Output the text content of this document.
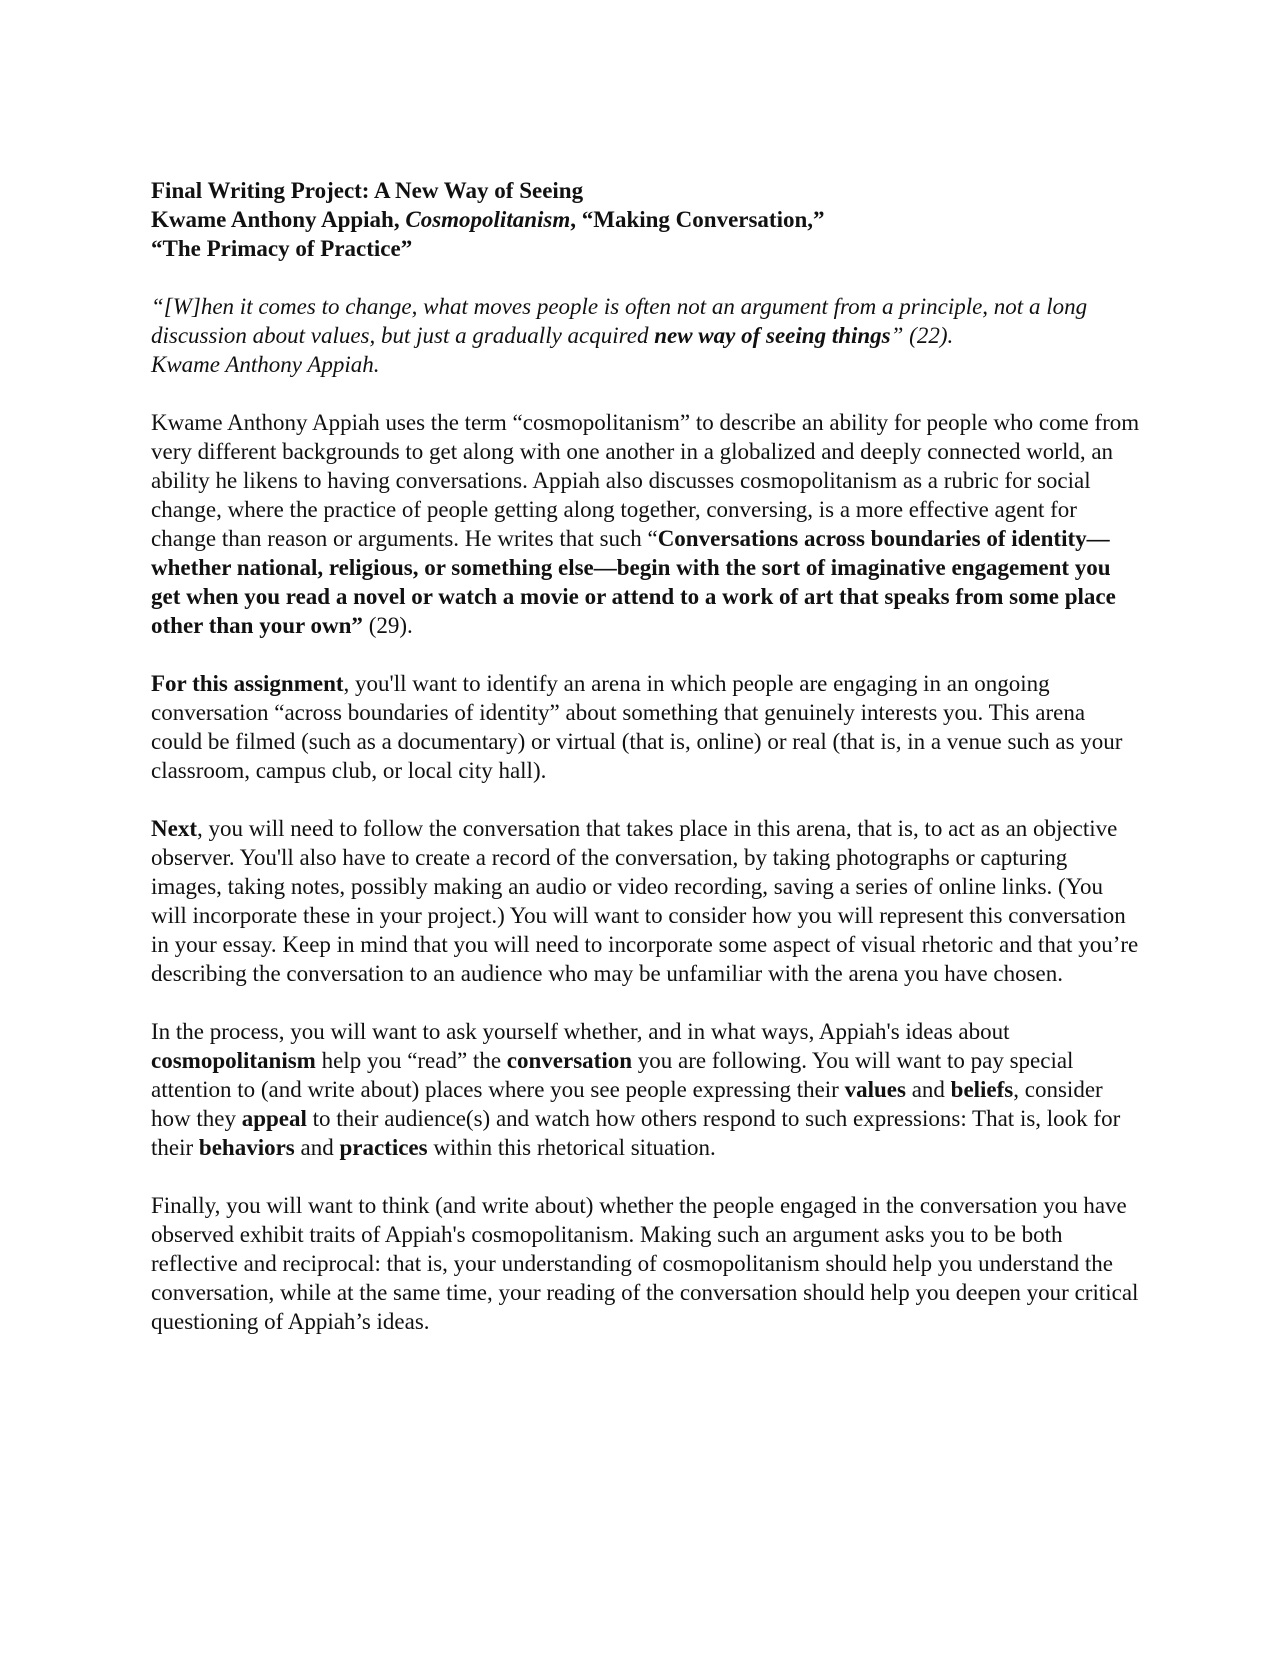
Final Writing Project: A New Way of Seeing
Kwame Anthony Appiah, Cosmopolitanism, “Making Conversation,”
“The Primacy of Practice”

“[W]hen it comes to change, what moves people is often not an argument from a principle, not a long discussion about values, but just a gradually acquired new way of seeing things” (22).
Kwame Anthony Appiah.

Kwame Anthony Appiah uses the term “cosmopolitanism” to describe an ability for people who come from very different backgrounds to get along with one another in a globalized and deeply connected world, an ability he likens to having conversations. Appiah also discusses cosmopolitanism as a rubric for social change, where the practice of people getting along together, conversing, is a more effective agent for change than reason or arguments. He writes that such “Conversations across boundaries of identity—whether national, religious, or something else—begin with the sort of imaginative engagement you get when you read a novel or watch a movie or attend to a work of art that speaks from some place other than your own” (29).

For this assignment, you'll want to identify an arena in which people are engaging in an ongoing conversation “across boundaries of identity” about something that genuinely interests you. This arena could be filmed (such as a documentary) or virtual (that is, online) or real (that is, in a venue such as your classroom, campus club, or local city hall).

Next, you will need to follow the conversation that takes place in this arena, that is, to act as an objective observer. You'll also have to create a record of the conversation, by taking photographs or capturing images, taking notes, possibly making an audio or video recording, saving a series of online links. (You will incorporate these in your project.) You will want to consider how you will represent this conversation in your essay. Keep in mind that you will need to incorporate some aspect of visual rhetoric and that you’re describing the conversation to an audience who may be unfamiliar with the arena you have chosen.

In the process, you will want to ask yourself whether, and in what ways, Appiah's ideas about cosmopolitanism help you “read” the conversation you are following. You will want to pay special attention to (and write about) places where you see people expressing their values and beliefs, consider how they appeal to their audience(s) and watch how others respond to such expressions: That is, look for their behaviors and practices within this rhetorical situation.

Finally, you will want to think (and write about) whether the people engaged in the conversation you have observed exhibit traits of Appiah's cosmopolitanism. Making such an argument asks you to be both reflective and reciprocal: that is, your understanding of cosmopolitanism should help you understand the conversation, while at the same time, your reading of the conversation should help you deepen your critical questioning of Appiah’s ideas.
